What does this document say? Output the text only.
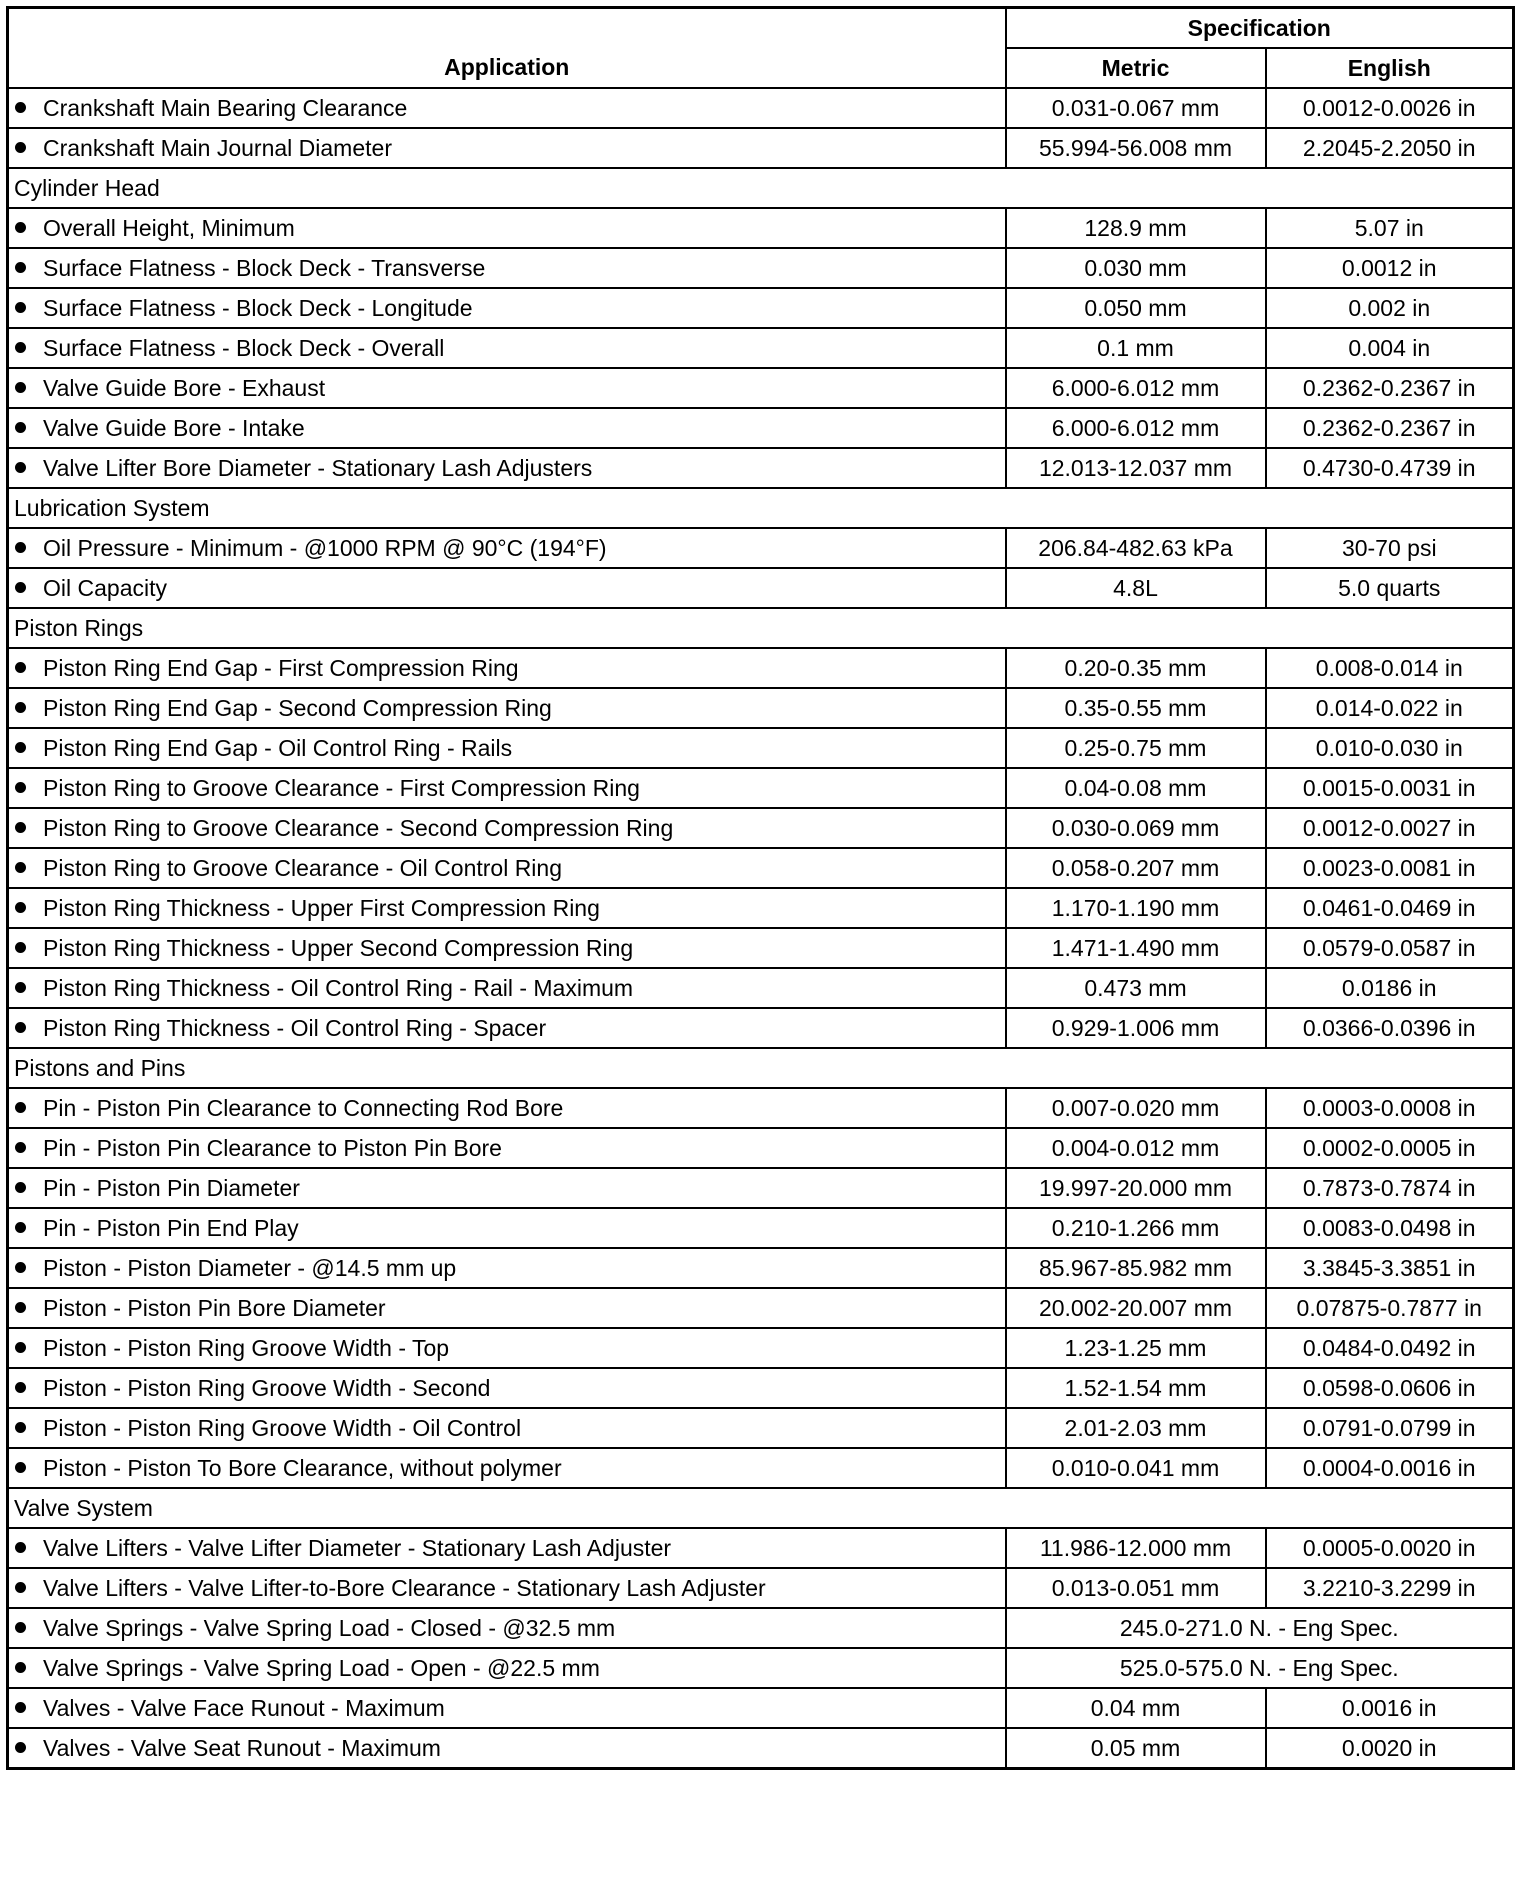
Application	Specification	
	Metric	English
Crankshaft Main Bearing Clearance	0.031-0.067 mm	0.0012-0.0026 in
Crankshaft Main Journal Diameter	55.994-56.008 mm	2.2045-2.2050 in
Cylinder Head		
Overall Height, Minimum	128.9 mm	5.07 in
Surface Flatness - Block Deck - Transverse	0.030 mm	0.0012 in
Surface Flatness - Block Deck - Longitude	0.050 mm	0.002 in
Surface Flatness - Block Deck - Overall	0.1 mm	0.004 in
Valve Guide Bore - Exhaust	6.000-6.012 mm	0.2362-0.2367 in
Valve Guide Bore - Intake	6.000-6.012 mm	0.2362-0.2367 in
Valve Lifter Bore Diameter - Stationary Lash Adjusters	12.013-12.037 mm	0.4730-0.4739 in
Lubrication System		
Oil Pressure - Minimum - @1000 RPM @ 90°C (194°F)	206.84-482.63 kPa	30-70 psi
Oil Capacity	4.8L	5.0 quarts
Piston Rings		
Piston Ring End Gap - First Compression Ring	0.20-0.35 mm	0.008-0.014 in
Piston Ring End Gap - Second Compression Ring	0.35-0.55 mm	0.014-0.022 in
Piston Ring End Gap - Oil Control Ring - Rails	0.25-0.75 mm	0.010-0.030 in
Piston Ring to Groove Clearance - First Compression Ring	0.04-0.08 mm	0.0015-0.0031 in
Piston Ring to Groove Clearance - Second Compression Ring	0.030-0.069 mm	0.0012-0.0027 in
Piston Ring to Groove Clearance - Oil Control Ring	0.058-0.207 mm	0.0023-0.0081 in
Piston Ring Thickness - Upper First Compression Ring	1.170-1.190 mm	0.0461-0.0469 in
Piston Ring Thickness - Upper Second Compression Ring	1.471-1.490 mm	0.0579-0.0587 in
Piston Ring Thickness - Oil Control Ring - Rail - Maximum	0.473 mm	0.0186 in
Piston Ring Thickness - Oil Control Ring - Spacer	0.929-1.006 mm	0.0366-0.0396 in
Pistons and Pins		
Pin - Piston Pin Clearance to Connecting Rod Bore	0.007-0.020 mm	0.0003-0.0008 in
Pin - Piston Pin Clearance to Piston Pin Bore	0.004-0.012 mm	0.0002-0.0005 in
Pin - Piston Pin Diameter	19.997-20.000 mm	0.7873-0.7874 in
Pin - Piston Pin End Play	0.210-1.266 mm	0.0083-0.0498 in
Piston - Piston Diameter - @14.5 mm up	85.967-85.982 mm	3.3845-3.3851 in
Piston - Piston Pin Bore Diameter	20.002-20.007 mm	0.07875-0.7877 in
Piston - Piston Ring Groove Width - Top	1.23-1.25 mm	0.0484-0.0492 in
Piston - Piston Ring Groove Width - Second	1.52-1.54 mm	0.0598-0.0606 in
Piston - Piston Ring Groove Width - Oil Control	2.01-2.03 mm	0.0791-0.0799 in
Piston - Piston To Bore Clearance, without polymer	0.010-0.041 mm	0.0004-0.0016 in
Valve System		
Valve Lifters - Valve Lifter Diameter - Stationary Lash Adjuster	11.986-12.000 mm	0.0005-0.0020 in
Valve Lifters - Valve Lifter-to-Bore Clearance - Stationary Lash Adjuster	0.013-0.051 mm	3.2210-3.2299 in
Valve Springs - Valve Spring Load - Closed - @32.5 mm	245.0-271.0 N. - Eng Spec.	
Valve Springs - Valve Spring Load - Open - @22.5 mm	525.0-575.0 N. - Eng Spec.	
Valves - Valve Face Runout - Maximum	0.04 mm	0.0016 in
Valves - Valve Seat Runout - Maximum	0.05 mm	0.0020 in
